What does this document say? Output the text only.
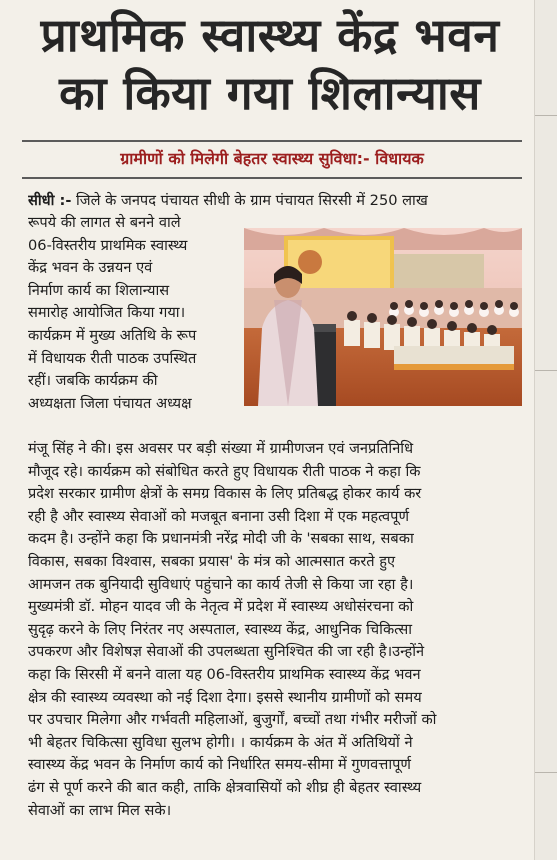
प्राथमिक स्वास्थ्य केंद्र भवन
का किया गया शिलान्यास
ग्रामीणों को मिलेगी बेहतर स्वास्थ्य सुविधा:- विधायक
सीधी :- जिले के जनपद पंचायत सीधी के ग्राम पंचायत सिरसी में 250 लाख
रूपये की लागत से बनने वाले
06-विस्तरीय प्राथमिक स्वास्थ्य
केंद्र भवन के उन्नयन एवं
निर्माण कार्य का शिलान्यास
समारोह आयोजित किया गया।
कार्यक्रम में मुख्य अतिथि के रूप
में विधायक रीती पाठक उपस्थित
रहीं। जबकि कार्यक्रम की
अध्यक्षता जिला पंचायत अध्यक्ष
मंजू सिंह ने की। इस अवसर पर बड़ी संख्या में ग्रामीणजन एवं जनप्रतिनिधि
मौजूद रहे। कार्यक्रम को संबोधित करते हुए विधायक रीती पाठक ने कहा कि
प्रदेश सरकार ग्रामीण क्षेत्रों के समग्र विकास के लिए प्रतिबद्ध होकर कार्य कर
रही है और स्वास्थ्य सेवाओं को मजबूत बनाना उसी दिशा में एक महत्वपूर्ण
कदम है। उन्होंने कहा कि प्रधानमंत्री नरेंद्र मोदी जी के 'सबका साथ, सबका
विकास, सबका विश्वास, सबका प्रयास' के मंत्र को आत्मसात करते हुए
आमजन तक बुनियादी सुविधाएं पहुंचाने का कार्य तेजी से किया जा रहा है।
मुख्यमंत्री डॉ. मोहन यादव जी के नेतृत्व में प्रदेश में स्वास्थ्य अधोसंरचना को
सुदृढ़ करने के लिए निरंतर नए अस्पताल, स्वास्थ्य केंद्र, आधुनिक चिकित्सा
उपकरण और विशेषज्ञ सेवाओं की उपलब्धता सुनिश्चित की जा रही है।उन्होंने
कहा कि सिरसी में बनने वाला यह 06-विस्तरीय प्राथमिक स्वास्थ्य केंद्र भवन
क्षेत्र की स्वास्थ्य व्यवस्था को नई दिशा देगा। इससे स्थानीय ग्रामीणों को समय
पर उपचार मिलेगा और गर्भवती महिलाओं, बुजुर्गों, बच्चों तथा गंभीर मरीजों को
भी बेहतर चिकित्सा सुविधा सुलभ होगी। । कार्यक्रम के अंत में अतिथियों ने
स्वास्थ्य केंद्र भवन के निर्माण कार्य को निर्धारित समय-सीमा में गुणवत्तापूर्ण
ढंग से पूर्ण करने की बात कही, ताकि क्षेत्रवासियों को शीघ्र ही बेहतर स्वास्थ्य
सेवाओं का लाभ मिल सके।
